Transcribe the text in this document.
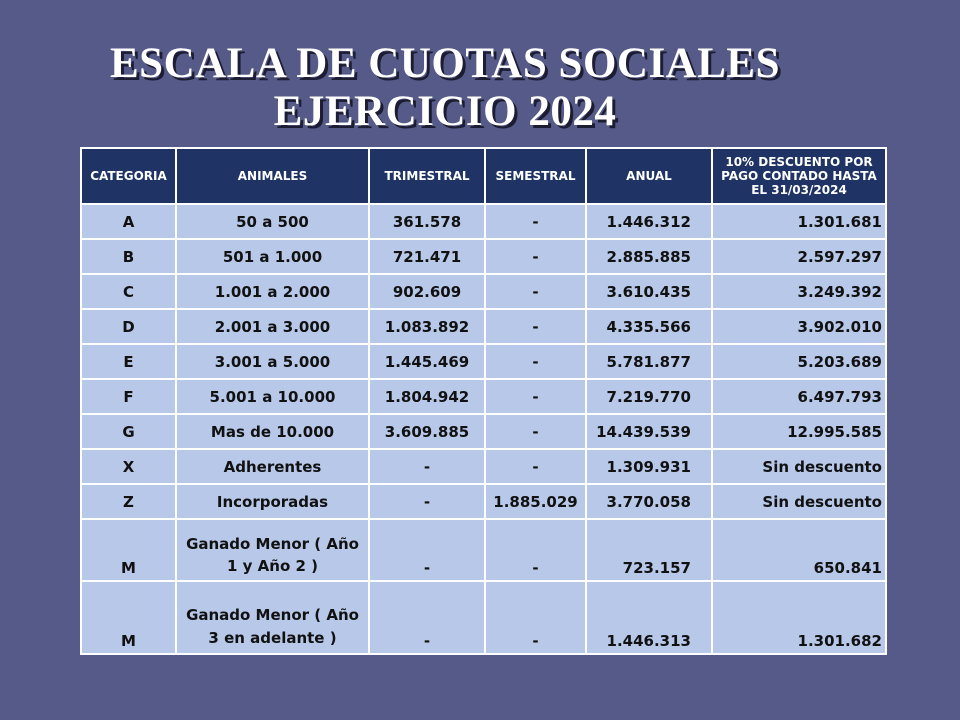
ESCALA DE CUOTAS SOCIALES
EJERCICIO 2024
CATEGORIA	ANIMALES	TRIMESTRAL	SEMESTRAL	ANUAL	10% DESCUENTO POR PAGO CONTADO HASTA EL 31/03/2024
A	50 a 500	361.578	-	1.446.312	1.301.681
B	501 a 1.000	721.471	-	2.885.885	2.597.297
C	1.001 a 2.000	902.609	-	3.610.435	3.249.392
D	2.001 a 3.000	1.083.892	-	4.335.566	3.902.010
E	3.001 a 5.000	1.445.469	-	5.781.877	5.203.689
F	5.001 a 10.000	1.804.942	-	7.219.770	6.497.793
G	Mas de 10.000	3.609.885	-	14.439.539	12.995.585
X	Adherentes	-	-	1.309.931	Sin descuento
Z	Incorporadas	-	1.885.029	3.770.058	Sin descuento
M	Ganado Menor ( Año 1 y Año 2 )	-	-	723.157	650.841
M	Ganado Menor ( Año 3 en adelante )	-	-	1.446.313	1.301.682
